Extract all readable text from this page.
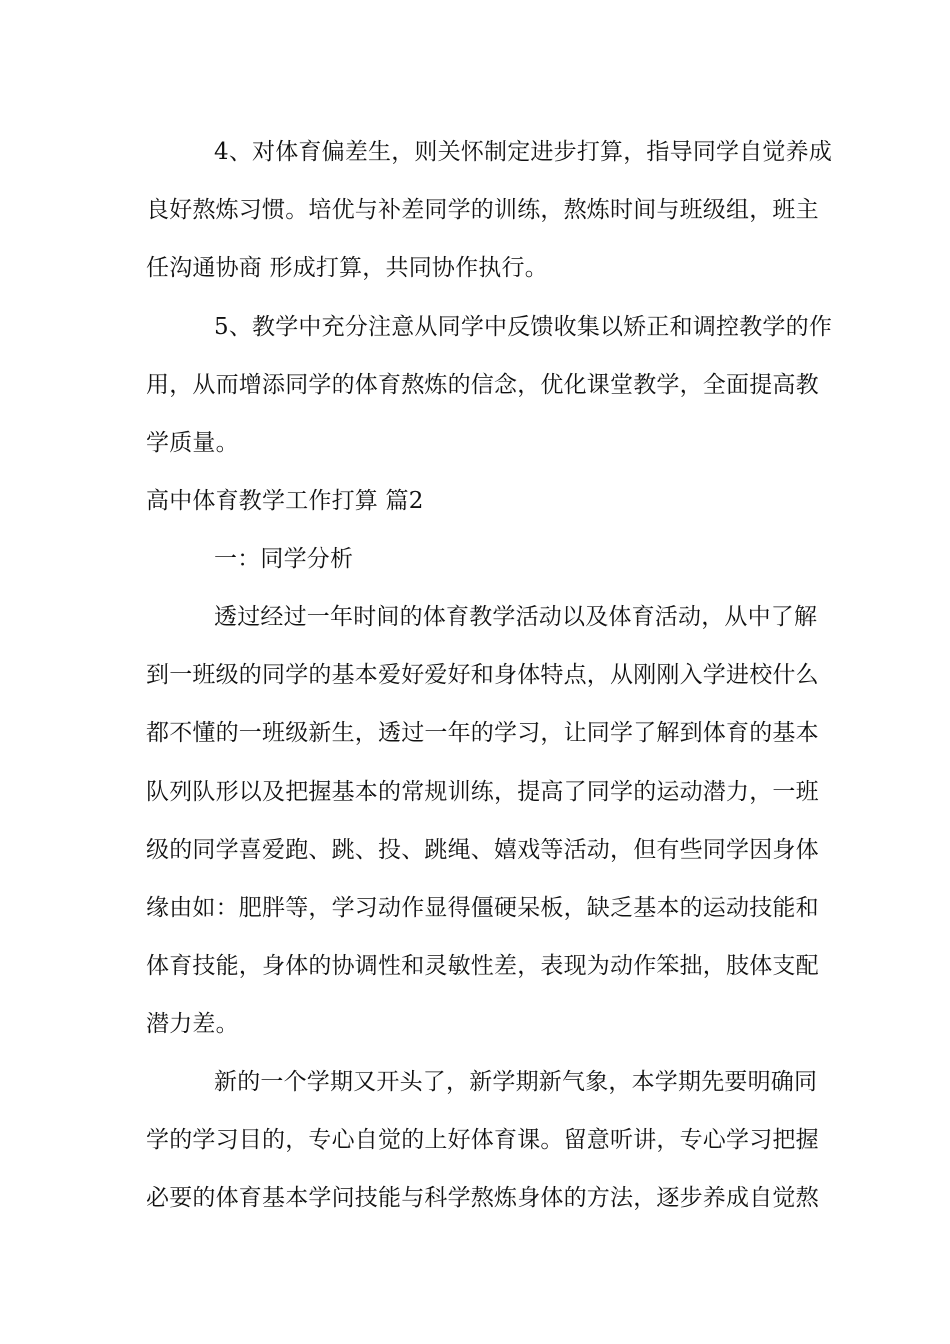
4、对体育偏差生，则关怀制定进步打算，指导同学自觉养成
良好熬炼习惯。培优与补差同学的训练，熬炼时间与班级组，班主
任沟通协商 形成打算，共同协作执行。
5、教学中充分注意从同学中反馈收集以矫正和调控教学的作
用，从而增添同学的体育熬炼的信念，优化课堂教学，全面提高教
学质量。
高中体育教学工作打算 篇2
一：同学分析
透过经过一年时间的体育教学活动以及体育活动，从中了解
到一班级的同学的基本爱好爱好和身体特点，从刚刚入学进校什么
都不懂的一班级新生，透过一年的学习，让同学了解到体育的基本
队列队形以及把握基本的常规训练，提高了同学的运动潜力，一班
级的同学喜爱跑、跳、投、跳绳、嬉戏等活动，但有些同学因身体
缘由如：肥胖等，学习动作显得僵硬呆板，缺乏基本的运动技能和
体育技能，身体的协调性和灵敏性差，表现为动作笨拙，肢体支配
潜力差。
新的一个学期又开头了，新学期新气象，本学期先要明确同
学的学习目的，专心自觉的上好体育课。留意听讲，专心学习把握
必要的体育基本学问技能与科学熬炼身体的方法，逐步养成自觉熬
